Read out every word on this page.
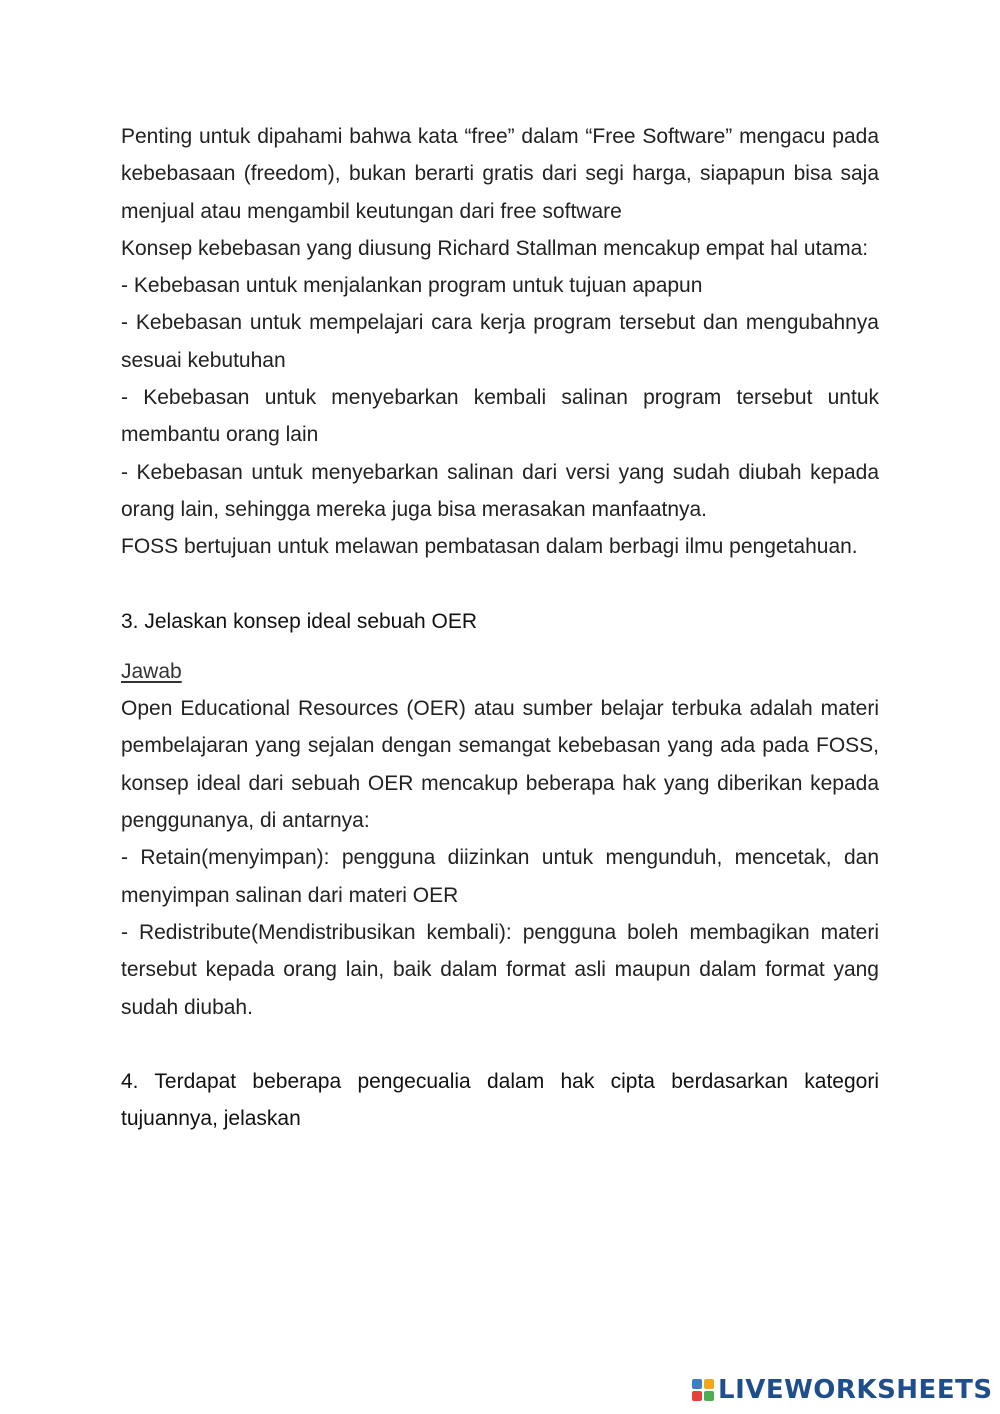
Penting untuk dipahami bahwa kata “free” dalam “Free Software” mengacu pada kebebasaan (freedom), bukan berarti gratis dari segi harga, siapapun bisa saja menjual atau mengambil keutungan dari free software

Konsep kebebasan yang diusung Richard Stallman mencakup empat hal utama:

- Kebebasan untuk menjalankan program untuk tujuan apapun

- Kebebasan untuk mempelajari cara kerja program tersebut dan mengubahnya sesuai kebutuhan

- Kebebasan untuk menyebarkan kembali salinan program tersebut untuk membantu orang lain

- Kebebasan untuk menyebarkan salinan dari versi yang sudah diubah kepada orang lain, sehingga mereka juga bisa merasakan manfaatnya.

FOSS bertujuan untuk melawan pembatasan dalam berbagi ilmu pengetahuan.

3. Jelaskan konsep ideal sebuah OER

Jawab

Open Educational Resources (OER) atau sumber belajar terbuka adalah materi pembelajaran yang sejalan dengan semangat kebebasan yang ada pada FOSS, konsep ideal dari sebuah OER mencakup beberapa hak yang diberikan kepada penggunanya, di antarnya:

- Retain(menyimpan): pengguna diizinkan untuk mengunduh, mencetak, dan menyimpan salinan dari materi OER

- Redistribute(Mendistribusikan kembali): pengguna boleh membagikan materi tersebut kepada orang lain, baik dalam format asli maupun dalam format yang sudah diubah.

4. Terdapat beberapa pengecualia dalam hak cipta berdasarkan kategori tujuannya, jelaskan
LIVEWORKSHEETS
